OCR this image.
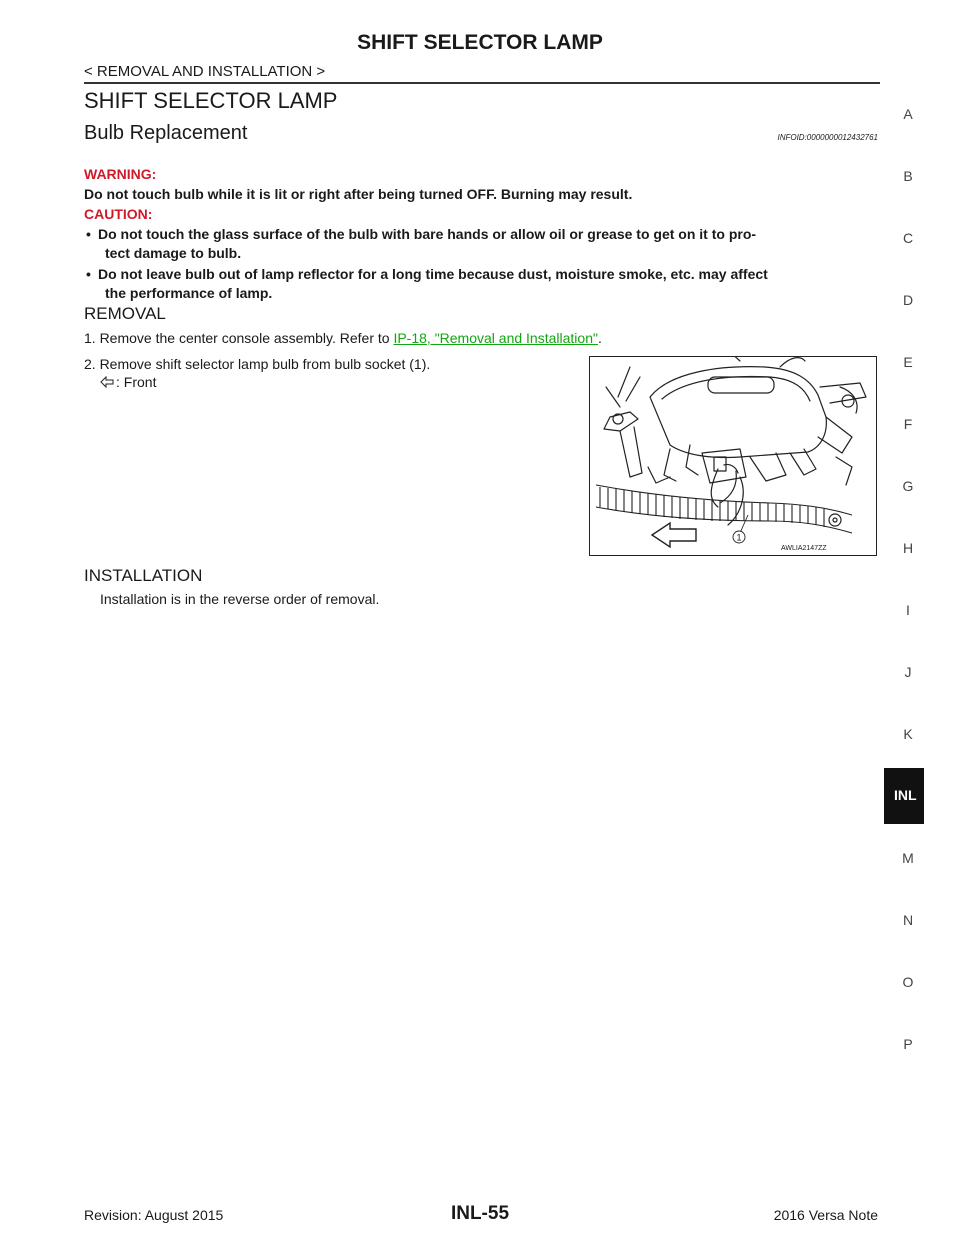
SHIFT SELECTOR LAMP
< REMOVAL AND INSTALLATION >
SHIFT SELECTOR LAMP
Bulb Replacement	INFOID:0000000012432761
WARNING:
Do not touch bulb while it is lit or right after being turned OFF. Burning may result.
CAUTION:
• Do not touch the glass surface of the bulb with bare hands or allow oil or grease to get on it to pro-
tect damage to bulb.
• Do not leave bulb out of lamp reflector for a long time because dust, moisture smoke, etc. may affect
the performance of lamp.
REMOVAL
1. Remove the center console assembly. Refer to IP-18, "Removal and Installation".
2. Remove shift selector lamp bulb from bulb socket (1).
: Front
1
AWLIA2147ZZ
INSTALLATION
Installation is in the reverse order of removal.
A
B
C
D
E
F
G
H
I
J
K
INL
M
N
O
P
Revision: August 2015	INL-55	2016 Versa Note
